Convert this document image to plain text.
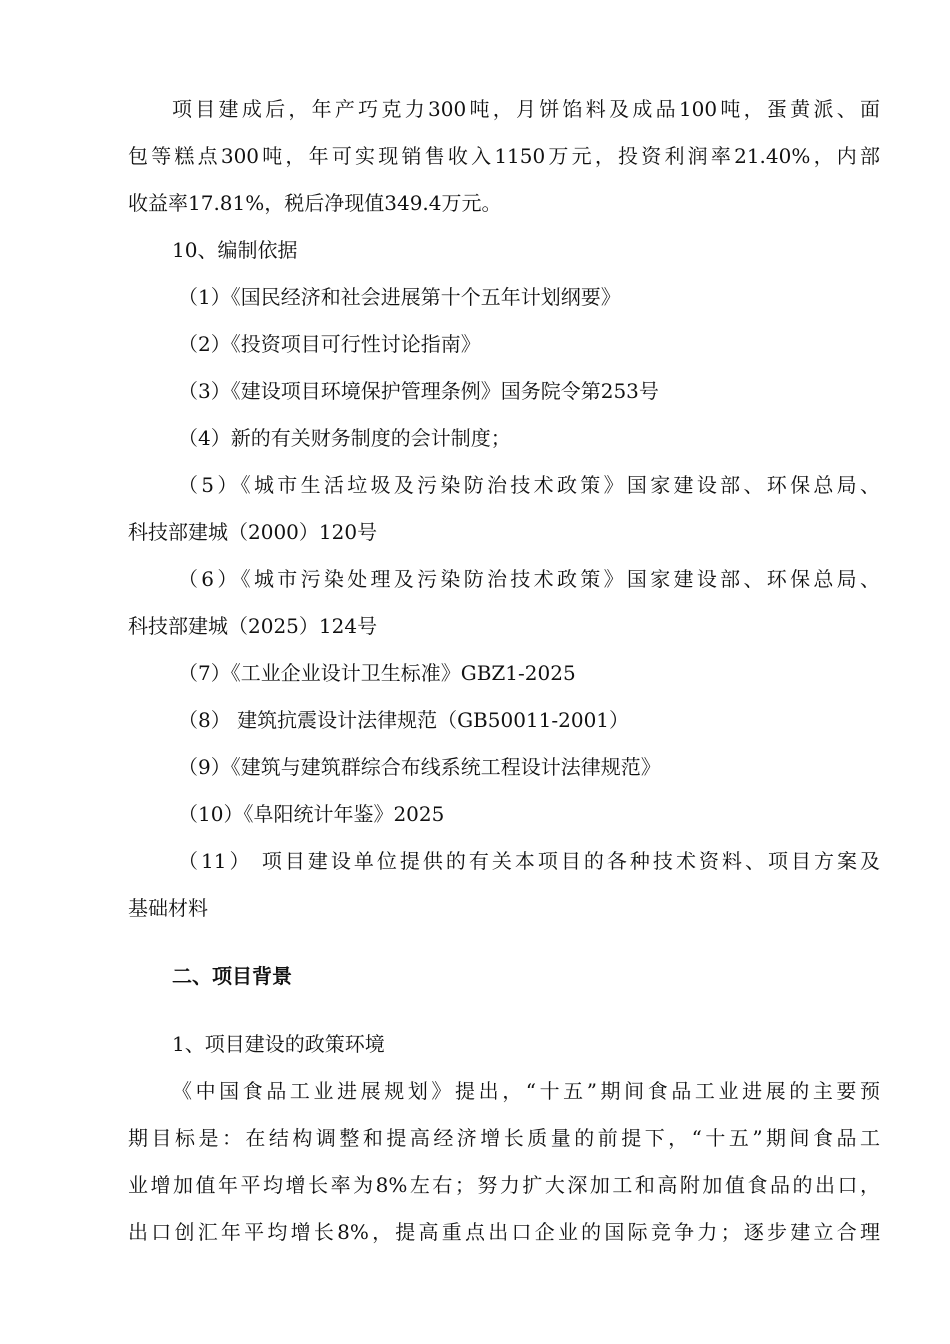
项目建成后，年产巧克力300吨，月饼馅料及成品100吨，蛋黄派、面
包等糕点300吨，年可实现销售收入1150万元，投资利润率21.40%，内部
收益率17.81%，税后净现值349.4万元。
10、编制依据
（1）《国民经济和社会进展第十个五年计划纲要》
（2）《投资项目可行性讨论指南》
（3）《建设项目环境保护管理条例》国务院令第253号
（4）新的有关财务制度的会计制度；
（5）《城市生活垃圾及污染防治技术政策》国家建设部、环保总局、
科技部建城（2000）120号
（6）《城市污染处理及污染防治技术政策》国家建设部、环保总局、
科技部建城（2025）124号
（7）《工业企业设计卫生标准》GBZ1-2025
（8） 建筑抗震设计法律规范（GB50011-2001）
（9）《建筑与建筑群综合布线系统工程设计法律规范》
（10）《阜阳统计年鉴》2025
（11） 项目建设单位提供的有关本项目的各种技术资料、项目方案及
基础材料
二、项目背景
1、项目建设的政策环境
《中国食品工业进展规划》提出，“十五”期间食品工业进展的主要预
期目标是：在结构调整和提高经济增长质量的前提下，“十五”期间食品工
业增加值年平均增长率为8%左右；努力扩大深加工和高附加值食品的出口，
出口创汇年平均增长8%，提高重点出口企业的国际竞争力；逐步建立合理
